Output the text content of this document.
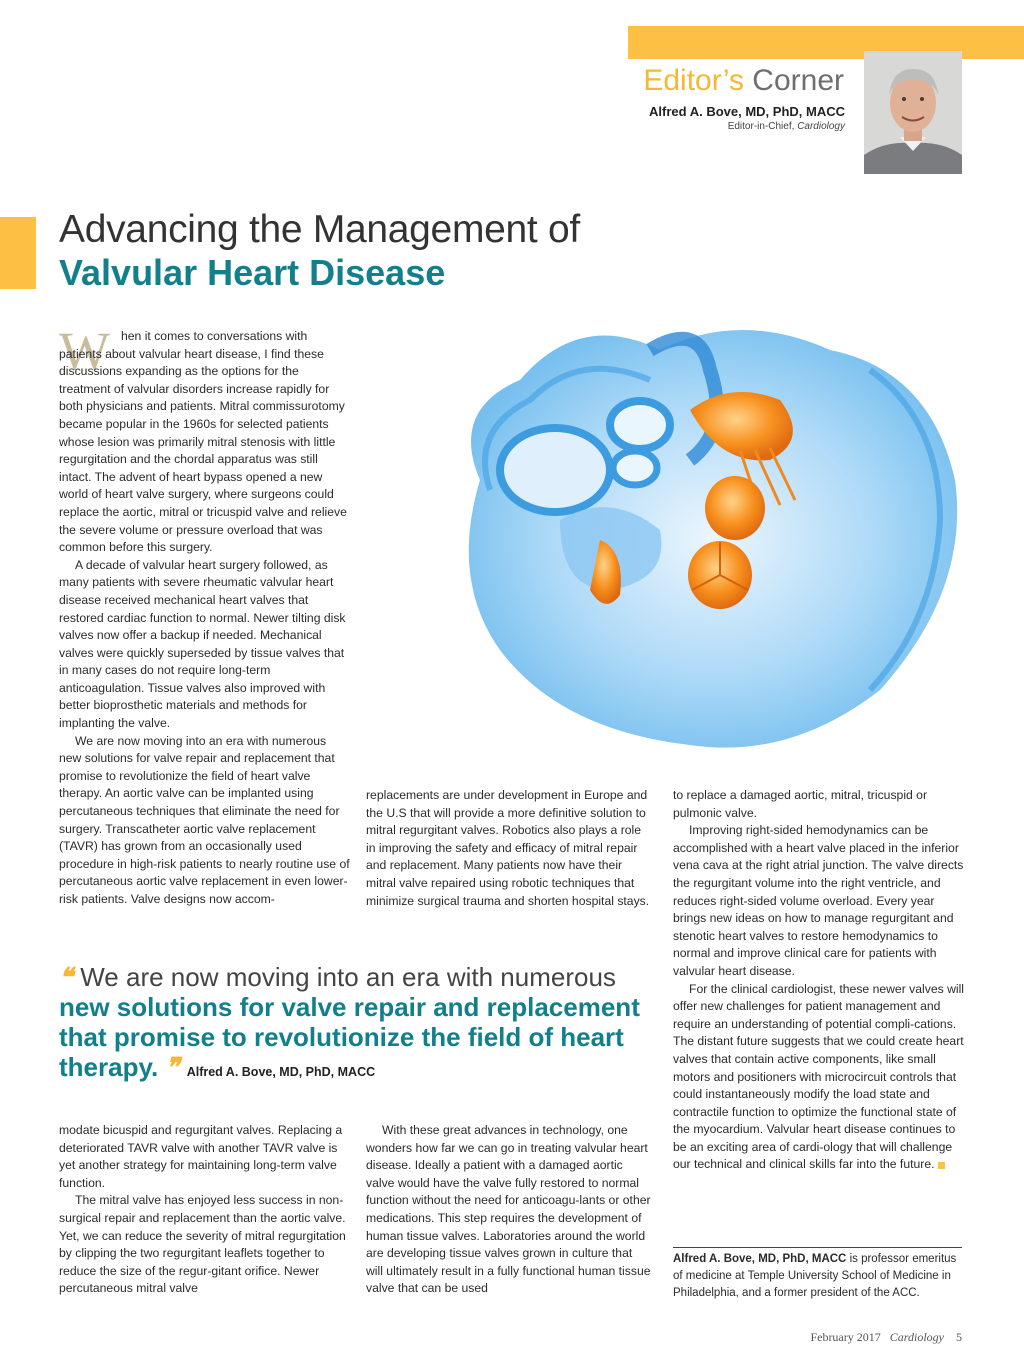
Editor’s Corner
Alfred A. Bove, MD, PhD, MACC
Editor-in-Chief, Cardiology
Advancing the Management of
Valvular Heart Disease
W hen it comes to conversations with patients about valvular heart disease, I find these discussions expanding as the options for the treatment of valvular disorders increase rapidly for both physicians and patients. Mitral commissurotomy became popular in the 1960s for selected patients whose lesion was primarily mitral stenosis with little regurgitation and the chordal apparatus was still intact. The advent of heart bypass opened a new world of heart valve surgery, where surgeons could replace the aortic, mitral or tricuspid valve and relieve the severe volume or pressure overload that was common before this surgery.

A decade of valvular heart surgery followed, as many patients with severe rheumatic valvular heart disease received mechanical heart valves that restored cardiac function to normal. Newer tilting disk valves now offer a backup if needed. Mechanical valves were quickly superseded by tissue valves that in many cases do not require long-term anticoagulation. Tissue valves also improved with better bioprosthetic materials and methods for implanting the valve.

We are now moving into an era with numerous new solutions for valve repair and replacement that promise to revolutionize the field of heart valve therapy. An aortic valve can be implanted using percutaneous techniques that eliminate the need for surgery. Transcatheter aortic valve replacement (TAVR) has grown from an occasionally used procedure in high-risk patients to nearly routine use of percutaneous aortic valve replacement in even lower-risk patients. Valve designs now accom-

replacements are under development in Europe and the U.S that will provide a more definitive solution to mitral regurgitant valves. Robotics also plays a role in improving the safety and efficacy of mitral repair and replacement. Many patients now have their mitral valve repaired using robotic techniques that minimize surgical trauma and shorten hospital stays.

to replace a damaged aortic, mitral, tricuspid or pulmonic valve.

Improving right-sided hemodynamics can be accomplished with a heart valve placed in the inferior vena cava at the right atrial junction. The valve directs the regurgitant volume into the right ventricle, and reduces right-sided volume overload. Every year brings new ideas on how to manage regurgitant and stenotic heart valves to restore hemodynamics to normal and improve clinical care for patients with valvular heart disease.

For the clinical cardiologist, these newer valves will offer new challenges for patient management and require an understanding of potential compli-cations. The distant future suggests that we could create heart valves that contain active components, like small motors and positioners with microcircuit controls that could instantaneously modify the load state and contractile function to optimize the functional state of the myocardium. Valvular heart disease continues to be an exciting area of cardi-ology that will challenge our technical and clinical skills far into the future.

❝ We are now moving into an era with numerous new solutions for valve repair and replacement that promise to revolutionize the field of heart therapy. ❞ Alfred A. Bove, MD, PhD, MACC

modate bicuspid and regurgitant valves. Replacing a deteriorated TAVR valve with another TAVR valve is yet another strategy for maintaining long-term valve function.

The mitral valve has enjoyed less success in non-surgical repair and replacement than the aortic valve. Yet, we can reduce the severity of mitral regurgitation by clipping the two regurgitant leaflets together to reduce the size of the regur-gitant orifice. Newer percutaneous mitral valve

With these great advances in technology, one wonders how far we can go in treating valvular heart disease. Ideally a patient with a damaged aortic valve would have the valve fully restored to normal function without the need for anticoagu-lants or other medications. This step requires the development of human tissue valves. Laboratories around the world are developing tissue valves grown in culture that will ultimately result in a fully functional human tissue valve that can be used

Alfred A. Bove, MD, PhD, MACC is professor emeritus of medicine at Temple University School of Medicine in Philadelphia, and a former president of the ACC.
February 2017 Cardiology 5
